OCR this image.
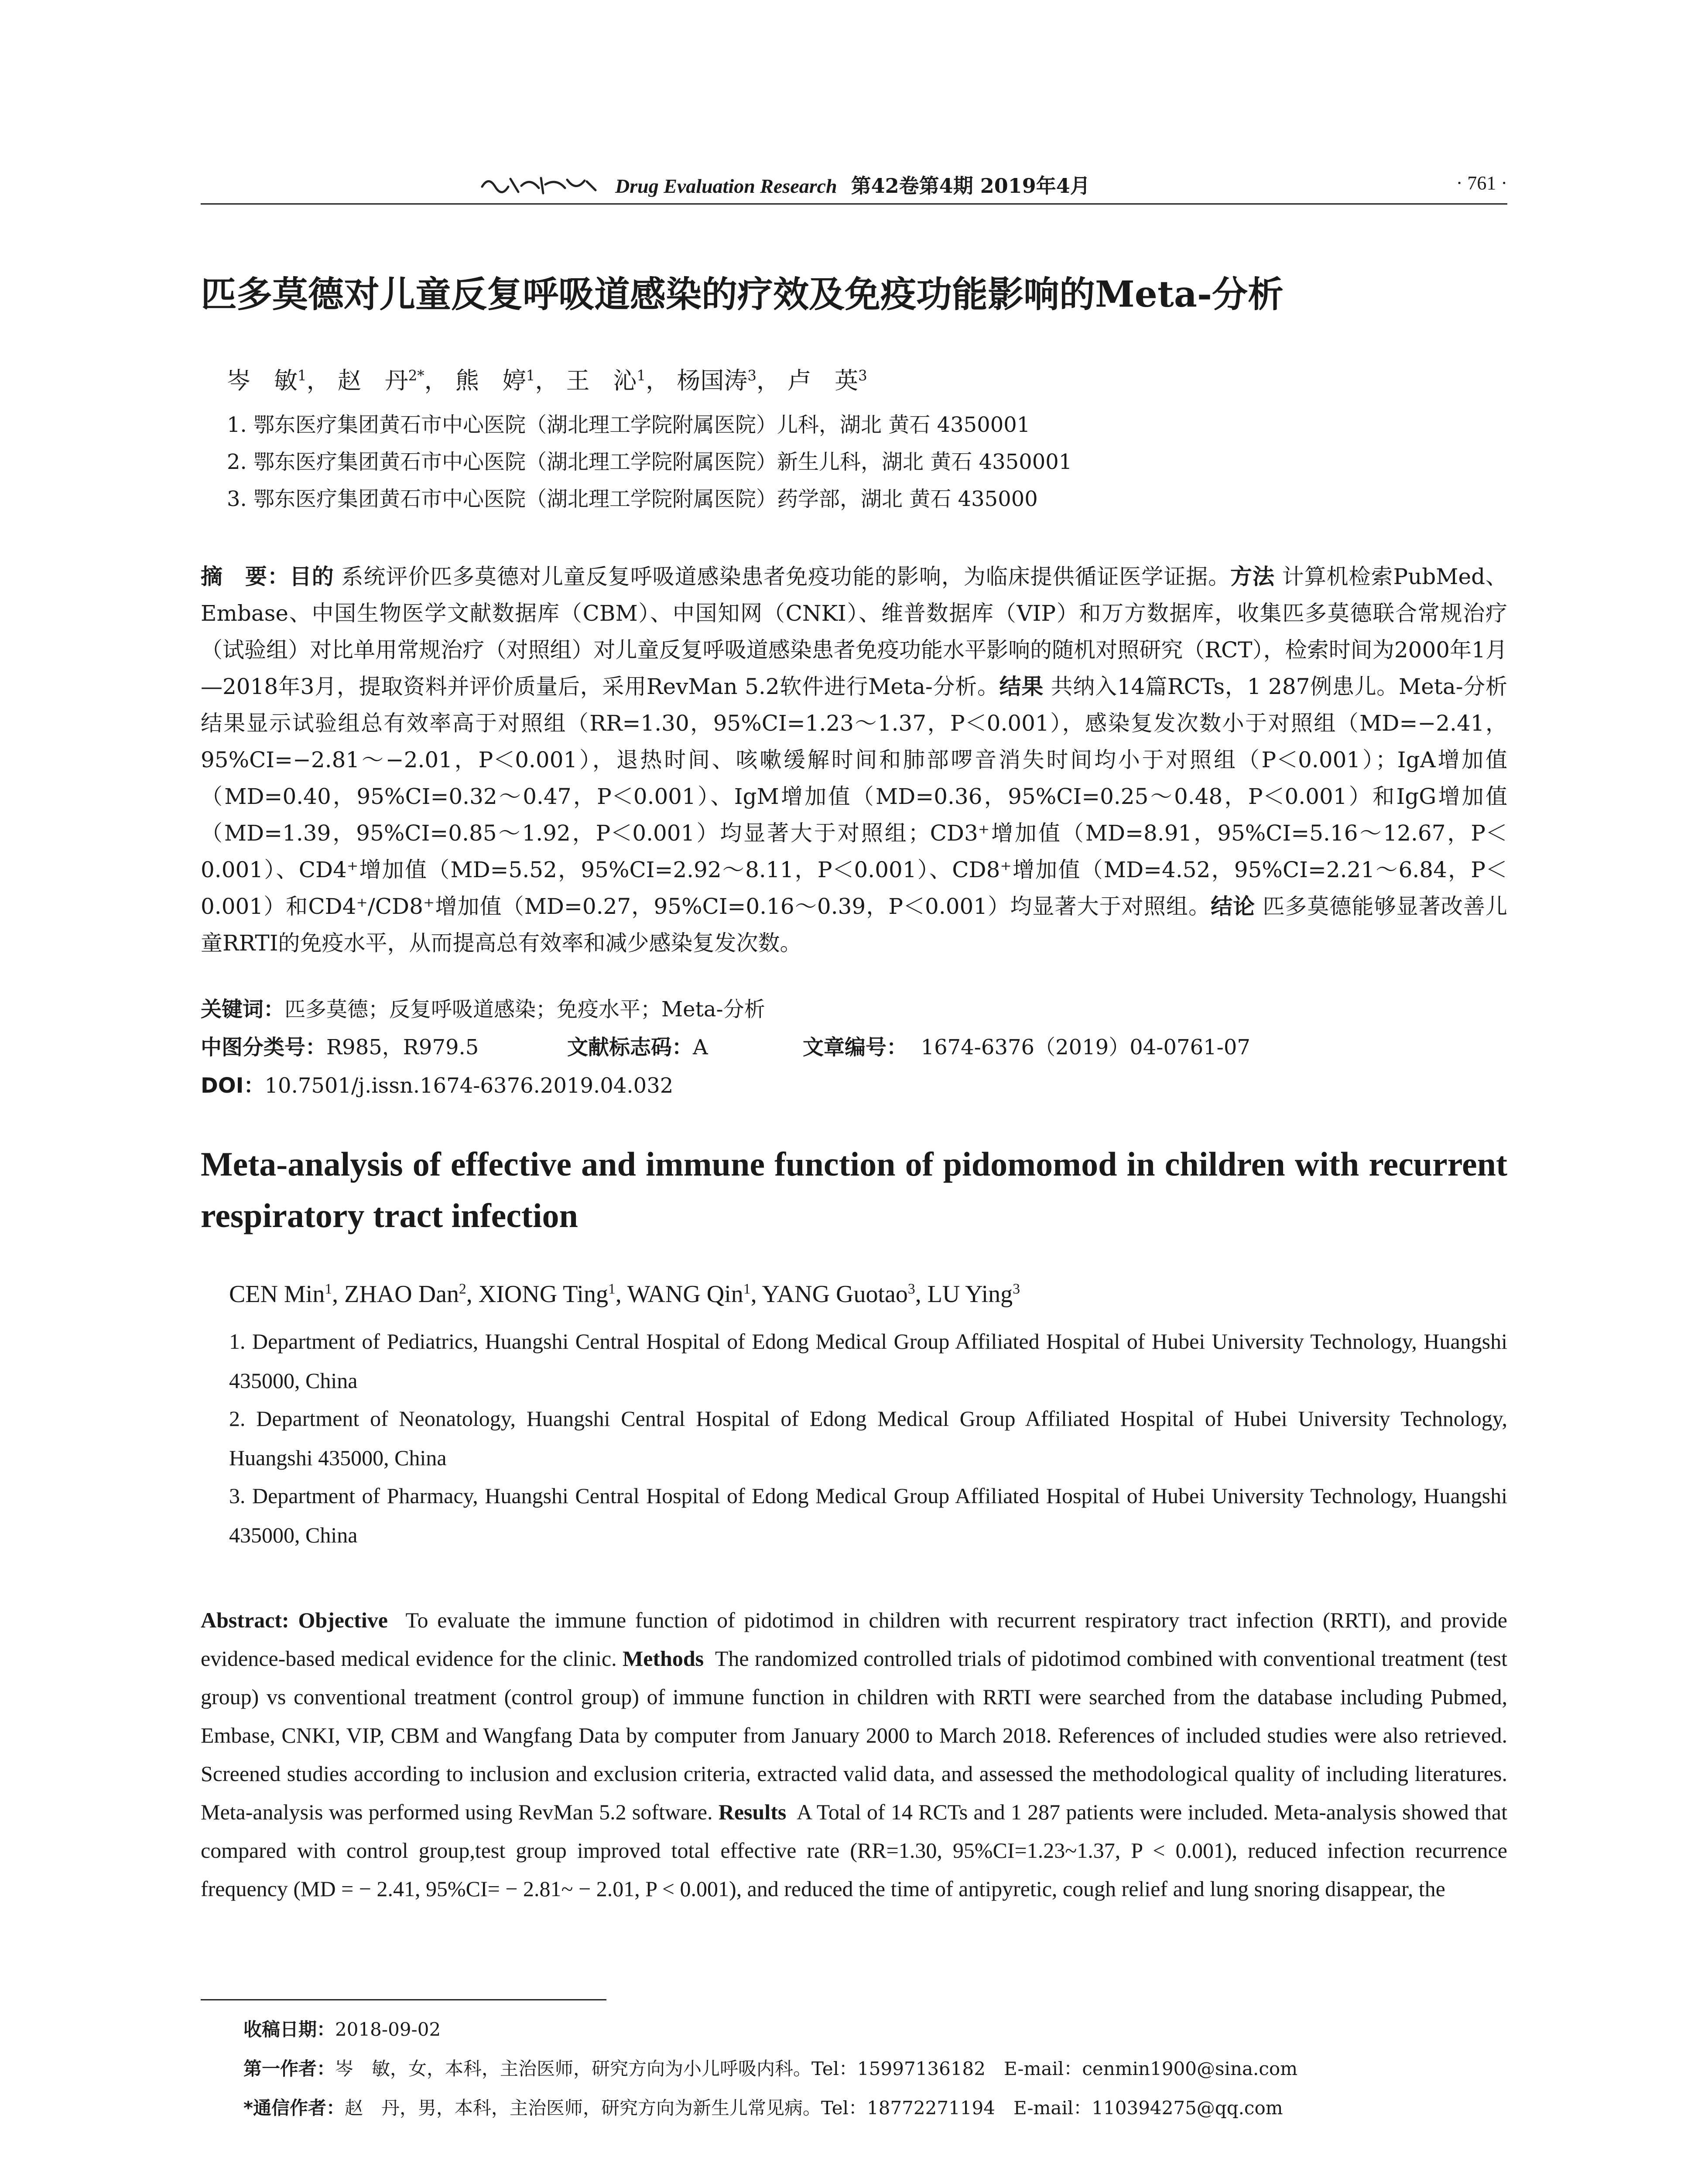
Drug Evaluation Research 第42卷第4期 2019年4月	· 761 ·
匹多莫德对儿童反复呼吸道感染的疗效及免疫功能影响的Meta-分析
岑　敏$^1$， 赵　丹$^{2*}$， 熊　婷$^1$， 王　沁$^1$， 杨国涛$^3$， 卢　英$^3$
1. 鄂东医疗集团黄石市中心医院（湖北理工学院附属医院）儿科，湖北 黄石 4350001
2. 鄂东医疗集团黄石市中心医院（湖北理工学院附属医院）新生儿科，湖北 黄石 4350001
3. 鄂东医疗集团黄石市中心医院（湖北理工学院附属医院）药学部，湖北 黄石 435000
摘　要：目的 系统评价匹多莫德对儿童反复呼吸道感染患者免疫功能的影响，为临床提供循证医学证据。方法 计算机检索PubMed、Embase、中国生物医学文献数据库（CBM）、中国知网（CNKI）、维普数据库（VIP）和万方数据库，收集匹多莫德联合常规治疗（试验组）对比单用常规治疗（对照组）对儿童反复呼吸道感染患者免疫功能水平影响的随机对照研究（RCT），检索时间为2000年1月—2018年3月，提取资料并评价质量后，采用RevMan 5.2软件进行Meta-分析。结果 共纳入14篇RCTs，1 287例患儿。Meta-分析结果显示试验组总有效率高于对照组（RR=1.30，95%CI=1.23～1.37，P＜0.001），感染复发次数小于对照组（MD=−2.41，95%CI=−2.81～−2.01，P＜0.001），退热时间、咳嗽缓解时间和肺部啰音消失时间均小于对照组（P＜0.001）；IgA增加值（MD=0.40，95%CI=0.32～0.47，P＜0.001）、IgM增加值（MD=0.36，95%CI=0.25～0.48，P＜0.001）和IgG增加值（MD=1.39，95%CI=0.85～1.92，P＜0.001）均显著大于对照组；CD3⁺增加值（MD=8.91，95%CI=5.16～12.67，P＜0.001）、CD4⁺增加值（MD=5.52，95%CI=2.92～8.11，P＜0.001）、CD8⁺增加值（MD=4.52，95%CI=2.21～6.84，P＜0.001）和CD4⁺/CD8⁺增加值（MD=0.27，95%CI=0.16～0.39，P＜0.001）均显著大于对照组。结论 匹多莫德能够显著改善儿童RRTI的免疫水平，从而提高总有效率和减少感染复发次数。
关键词：匹多莫德；反复呼吸道感染；免疫水平；Meta-分析
中图分类号：R985，R979.5	文献标志码：A	文章编号： 1674-6376（2019）04-0761-07
DOI：10.7501/j.issn.1674-6376.2019.04.032
Meta-analysis of effective and immune function of pidomomod in children with recurrent respiratory tract infection
CEN Min$^1$, ZHAO Dan$^2$, XIONG Ting$^1$, WANG Qin$^1$, YANG Guotao$^3$, LU Ying$^3$
1. Department of Pediatrics, Huangshi Central Hospital of Edong Medical Group Affiliated Hospital of Hubei University Technology, Huangshi 435000, China
2. Department of Neonatology, Huangshi Central Hospital of Edong Medical Group Affiliated Hospital of Hubei University Technology, Huangshi 435000, China
3. Department of Pharmacy, Huangshi Central Hospital of Edong Medical Group Affiliated Hospital of Hubei University Technology, Huangshi 435000, China
Abstract: Objective To evaluate the immune function of pidotimod in children with recurrent respiratory tract infection (RRTI), and provide evidence-based medical evidence for the clinic. Methods The randomized controlled trials of pidotimod combined with conventional treatment (test group) vs conventional treatment (control group) of immune function in children with RRTI were searched from the database including Pubmed, Embase, CNKI, VIP, CBM and Wangfang Data by computer from January 2000 to March 2018. References of included studies were also retrieved. Screened studies according to inclusion and exclusion criteria, extracted valid data, and assessed the methodological quality of including literatures. Meta-analysis was performed using RevMan 5.2 software. Results A Total of 14 RCTs and 1 287 patients were included. Meta-analysis showed that compared with control group,test group improved total effective rate (RR=1.30, 95%CI=1.23~1.37, P < 0.001), reduced infection recurrence frequency (MD = − 2.41, 95%CI= − 2.81~ − 2.01, P < 0.001), and reduced the time of antipyretic, cough relief and lung snoring disappear, the
收稿日期：2018-09-02
第一作者：岑　敏，女，本科，主治医师，研究方向为小儿呼吸内科。Tel：15997136182　E-mail：cenmin1900@sina.com
*通信作者：赵　丹，男，本科，主治医师，研究方向为新生儿常见病。Tel：18772271194　E-mail：110394275@qq.com
